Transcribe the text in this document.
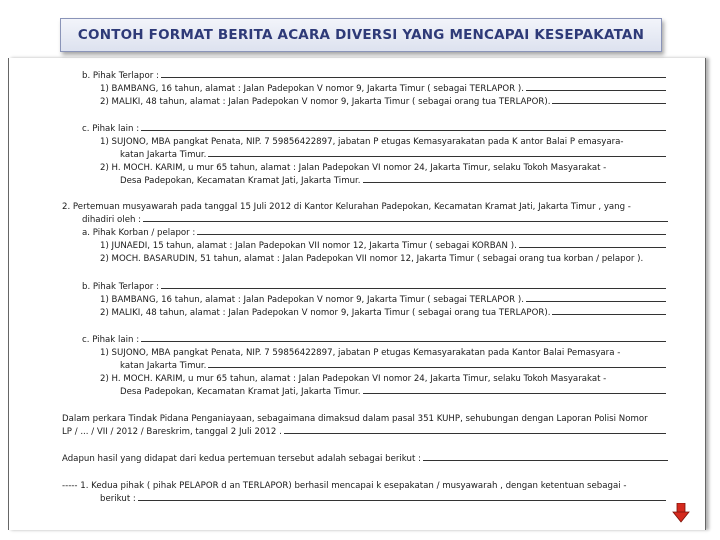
CONTOH FORMAT BERITA ACARA DIVERSI YANG MENCAPAI KESEPAKATAN
b. Pihak Terlapor :
1) BAMBANG, 16 tahun, alamat : Jalan Padepokan V nomor 9, Jakarta Timur ( sebagai TERLAPOR ).
2) MALIKI, 48 tahun, alamat : Jalan Padepokan V nomor 9, Jakarta Timur ( sebagai orang tua TERLAPOR).
c. Pihak lain :
1) SUJONO, MBA pangkat Penata, NIP. 7 59856422897, jabatan P etugas Kemasyarakatan pada K antor Balai P emasyara-
katan Jakarta Timur.
2) H. MOCH. KARIM, u mur 65 tahun, alamat : Jalan Padepokan VI nomor 24, Jakarta Timur, selaku Tokoh Masyarakat -
Desa Padepokan, Kecamatan Kramat Jati, Jakarta Timur.
2. Pertemuan musyawarah pada tanggal 15 Juli 2012 di Kantor Kelurahan Padepokan, Kecamatan Kramat Jati, Jakarta Timur , yang -
dihadiri oleh :
a. Pihak Korban / pelapor :
1) JUNAEDI, 15 tahun, alamat : Jalan Padepokan VII nomor 12, Jakarta Timur ( sebagai KORBAN ).
2) MOCH. BASARUDIN, 51 tahun, alamat : Jalan Padepokan VII nomor 12, Jakarta Timur ( sebagai orang tua korban / pelapor ).
b. Pihak Terlapor :
1) BAMBANG, 16 tahun, alamat : Jalan Padepokan V nomor 9, Jakarta Timur ( sebagai TERLAPOR ).
2) MALIKI, 48 tahun, alamat : Jalan Padepokan V nomor 9, Jakarta Timur ( sebagai orang tua TERLAPOR).
c. Pihak lain :
1) SUJONO, MBA pangkat Penata, NIP. 7 59856422897, jabatan P etugas Kemasyarakatan pada Kantor Balai Pemasyara -
katan Jakarta Timur.
2) H. MOCH. KARIM, u mur 65 tahun, alamat : Jalan Padepokan VI nomor 24, Jakarta Timur, selaku Tokoh Masyarakat -
Desa Padepokan, Kecamatan Kramat Jati, Jakarta Timur.
Dalam perkara Tindak Pidana Penganiayaan, sebagaimana dimaksud dalam pasal 351 KUHP, sehubungan dengan Laporan Polisi Nomor
LP / ... / VII / 2012 / Bareskrim, tanggal 2 Juli 2012 .
Adapun hasil yang didapat dari kedua pertemuan tersebut adalah sebagai berikut :
----- 1. Kedua pihak ( pihak PELAPOR d an TERLAPOR) berhasil mencapai k esepakatan / musyawarah , dengan ketentuan sebagai -
berikut :
